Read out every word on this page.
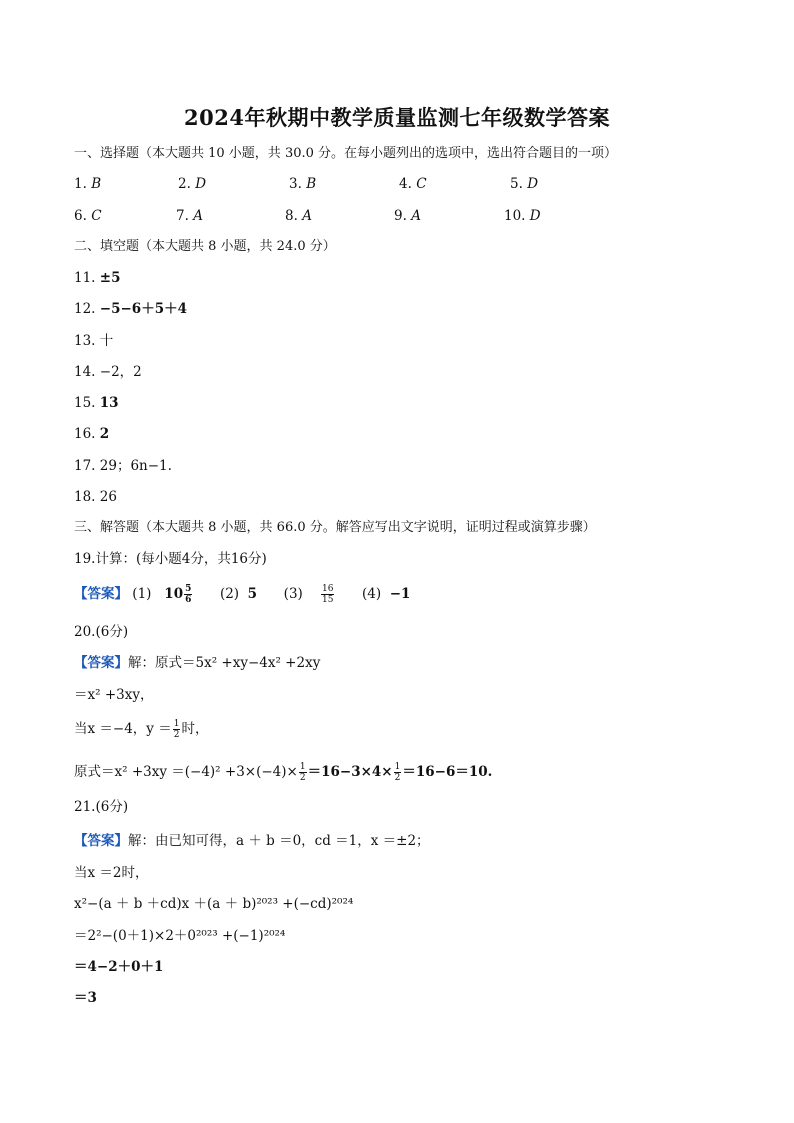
2024年秋期中教学质量监测七年级数学答案
一、选择题（本大题共 10 小题，共 30.0 分。在每小题列出的选项中，选出符合题目的一项）
1. B	2. D	3. B	4. C	5. D
6. C	7. A	8. A	9. A	10. D
二、填空题（本大题共 8 小题，共 24.0 分）
11. ±5
12. −5−6＋5＋4
13. 十
14. −2，2
15. 13
16. 2
17. 29；6n−1.
18. 26
三、解答题（本大题共 8 小题，共 66.0 分。解答应写出文字说明，证明过程或演算步骤）
19.计算：(每小题4分，共16分)
【答案】 (1) $10 \frac{5}{6} (2)$ 5 $(3) \frac{16}{15} (4) -1$
20.(6分)
【答案】解：原式＝5x² +xy−4x² +2xy
＝x² +3xy，
当x ＝−4，$y = \frac{1}{2}$ 时，
原式$=x^2 +3xy =(-4)^2 +3\times(-4)\times \frac{1}{2} =16-3\times 4\times \frac{1}{2} =16-6=10$.
21.(6分)
【答案】解：由已知可得，a ＋ b ＝0，cd ＝1，x ＝±2；
当x ＝2时，
x²−(a ＋ b ＋cd)x ＋(a ＋ b)²⁰²³ +(−cd)²⁰²⁴
＝2²−(0＋1)×2＋0²⁰²³ +(−1)²⁰²⁴
＝4−2＋0＋1
＝3
